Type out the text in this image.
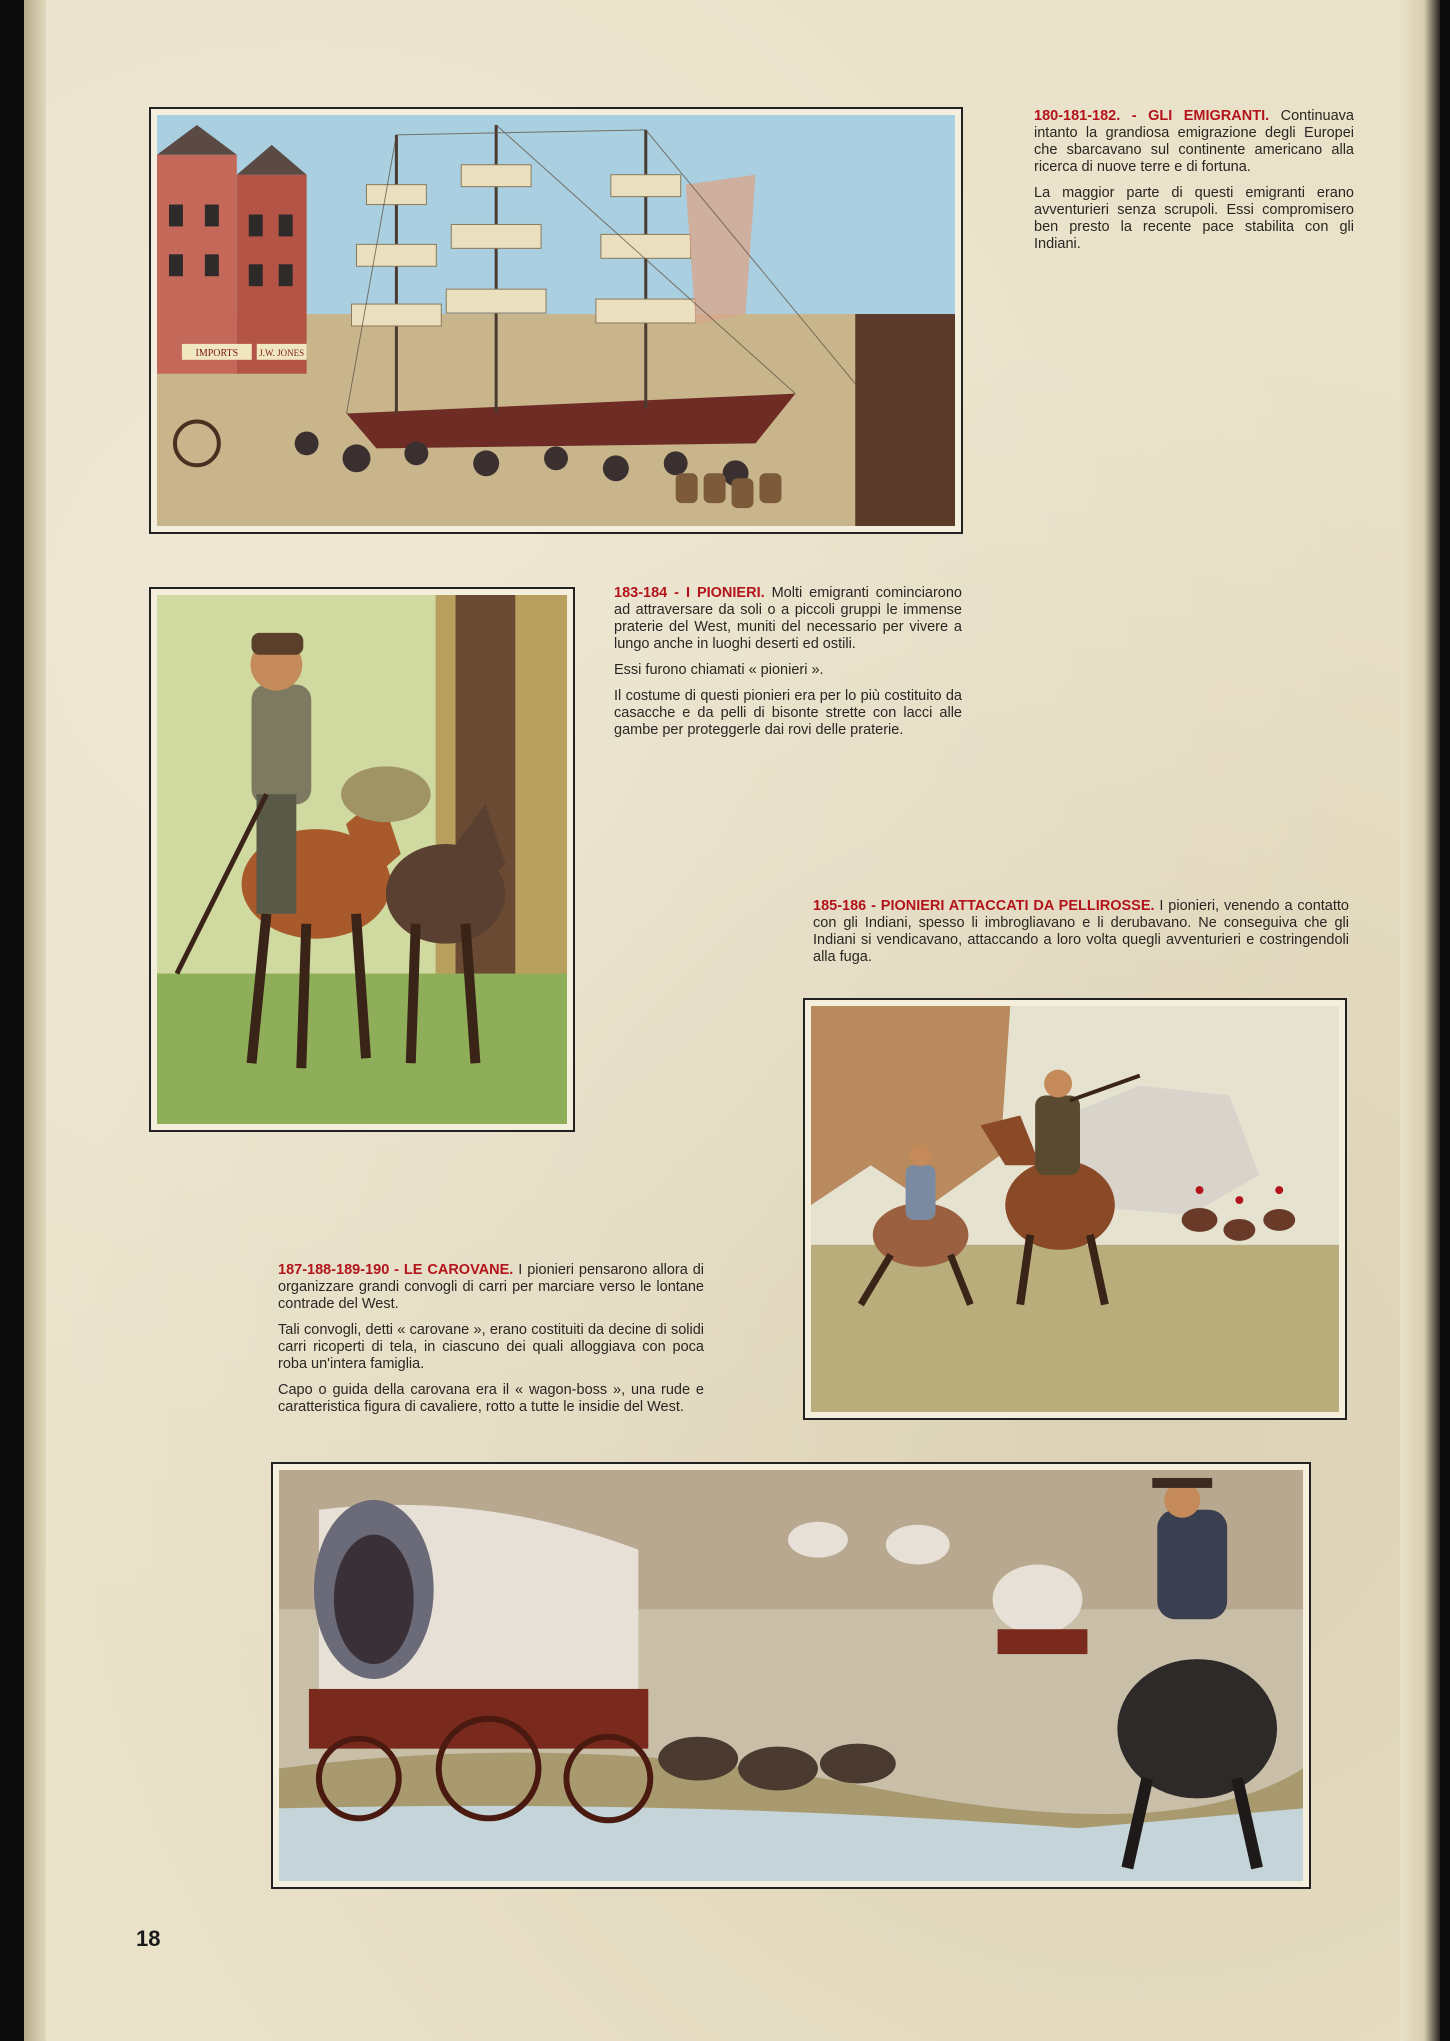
IMPORTS J.W. JONES

180-181-182. - GLI EMIGRANTI. Continuava intanto la grandiosa emigrazione degli Europei che sbarcavano sul continente americano alla ricerca di nuove terre e di fortuna.

La maggior parte di questi emigranti erano avventurieri senza scrupoli. Essi compromisero ben presto la recente pace stabilita con gli Indiani.

183-184 - I PIONIERI. Molti emigranti cominciarono ad attraversare da soli o a piccoli gruppi le immense praterie del West, muniti del necessario per vivere a lungo anche in luoghi deserti ed ostili.

Essi furono chiamati « pionieri ».

Il costume di questi pionieri era per lo più costituito da casacche e da pelli di bisonte strette con lacci alle gambe per proteggerle dai rovi delle praterie.

185-186 - PIONIERI ATTACCATI DA PELLIROSSE. I pionieri, venendo a contatto con gli Indiani, spesso li imbrogliavano e li derubavano. Ne conseguiva che gli Indiani si vendicavano, attaccando a loro volta quegli avventurieri e costringendoli alla fuga.

187-188-189-190 - LE CAROVANE. I pionieri pensarono allora di organizzare grandi convogli di carri per marciare verso le lontane contrade del West.

Tali convogli, detti « carovane », erano costituiti da decine di solidi carri ricoperti di tela, in ciascuno dei quali alloggiava con poca roba un'intera famiglia.

Capo o guida della carovana era il « wagon-boss », una rude e caratteristica figura di cavaliere, rotto a tutte le insidie del West.

18
